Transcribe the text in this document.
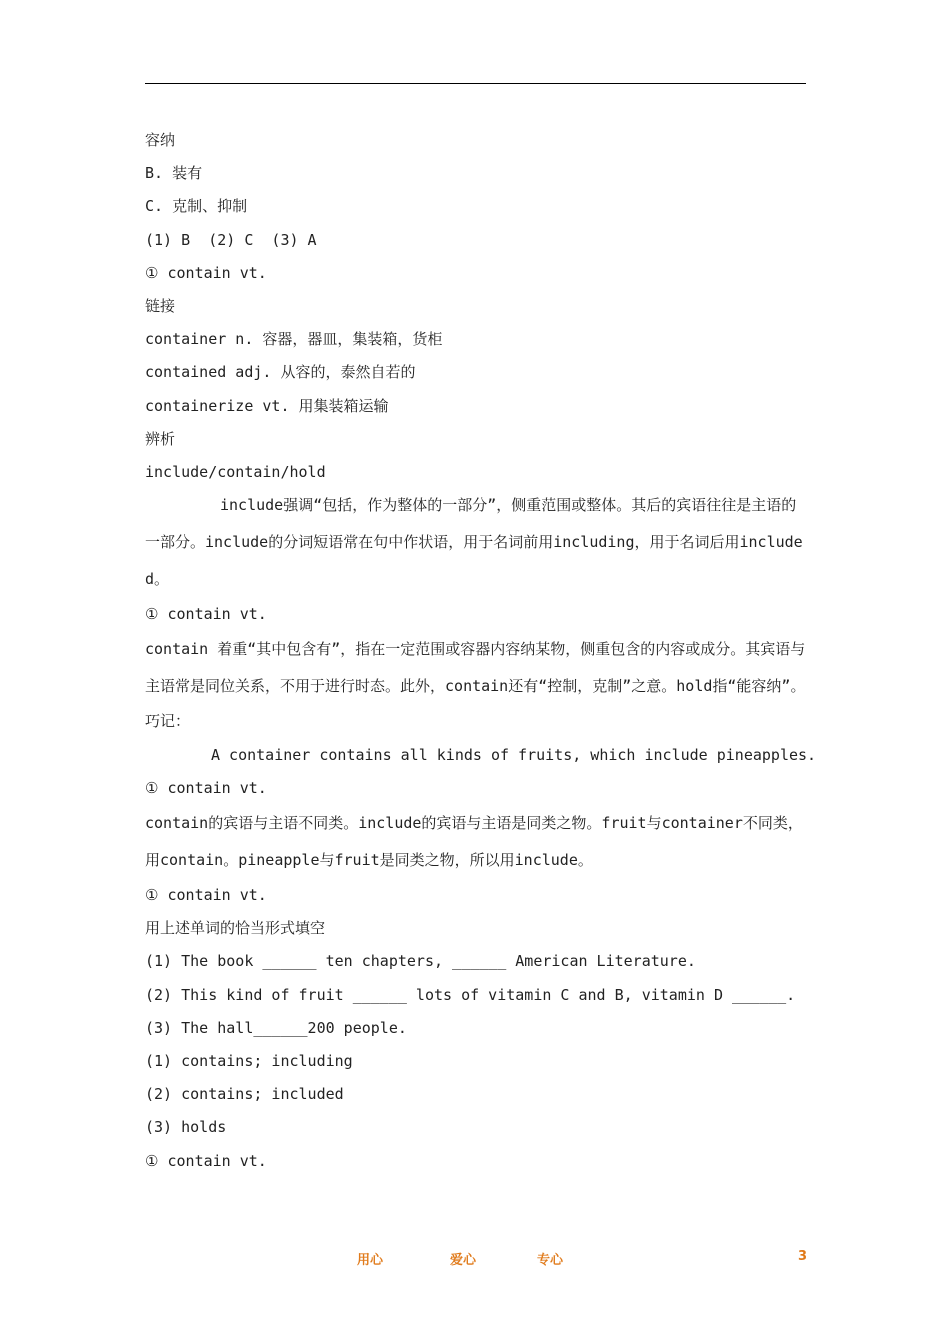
容纳

B. 装有

C. 克制、抑制

(1) B  (2) C  (3) A

① contain vt.

链接

container n. 容器，器皿，集装箱，货柜

contained adj. 从容的，泰然自若的

containerize vt. 用集装箱运输

辨析

include/contain/hold

include强调“包括，作为整体的一部分”，侧重范围或整体。其后的宾语往往是主语的一部分。include的分词短语常在句中作状语，用于名词前用including，用于名词后用included。

① contain vt.

contain 着重“其中包含有”，指在一定范围或容器内容纳某物，侧重包含的内容或成分。其宾语与主语常是同位关系，不用于进行时态。此外，contain还有“控制，克制”之意。hold指“能容纳”。

巧记：

A container contains all kinds of fruits, which include pineapples.

① contain vt.

contain的宾语与主语不同类。include的宾语与主语是同类之物。fruit与container不同类，用contain。pineapple与fruit是同类之物，所以用include。

① contain vt.

用上述单词的恰当形式填空

(1) The book ______ ten chapters, ______ American Literature.

(2) This kind of fruit ______ lots of vitamin C and B, vitamin D ______.

(3) The hall______200 people.

(1) contains; including

(2) contains; included

(3) holds

① contain vt.

用心	爱心	专心	3
